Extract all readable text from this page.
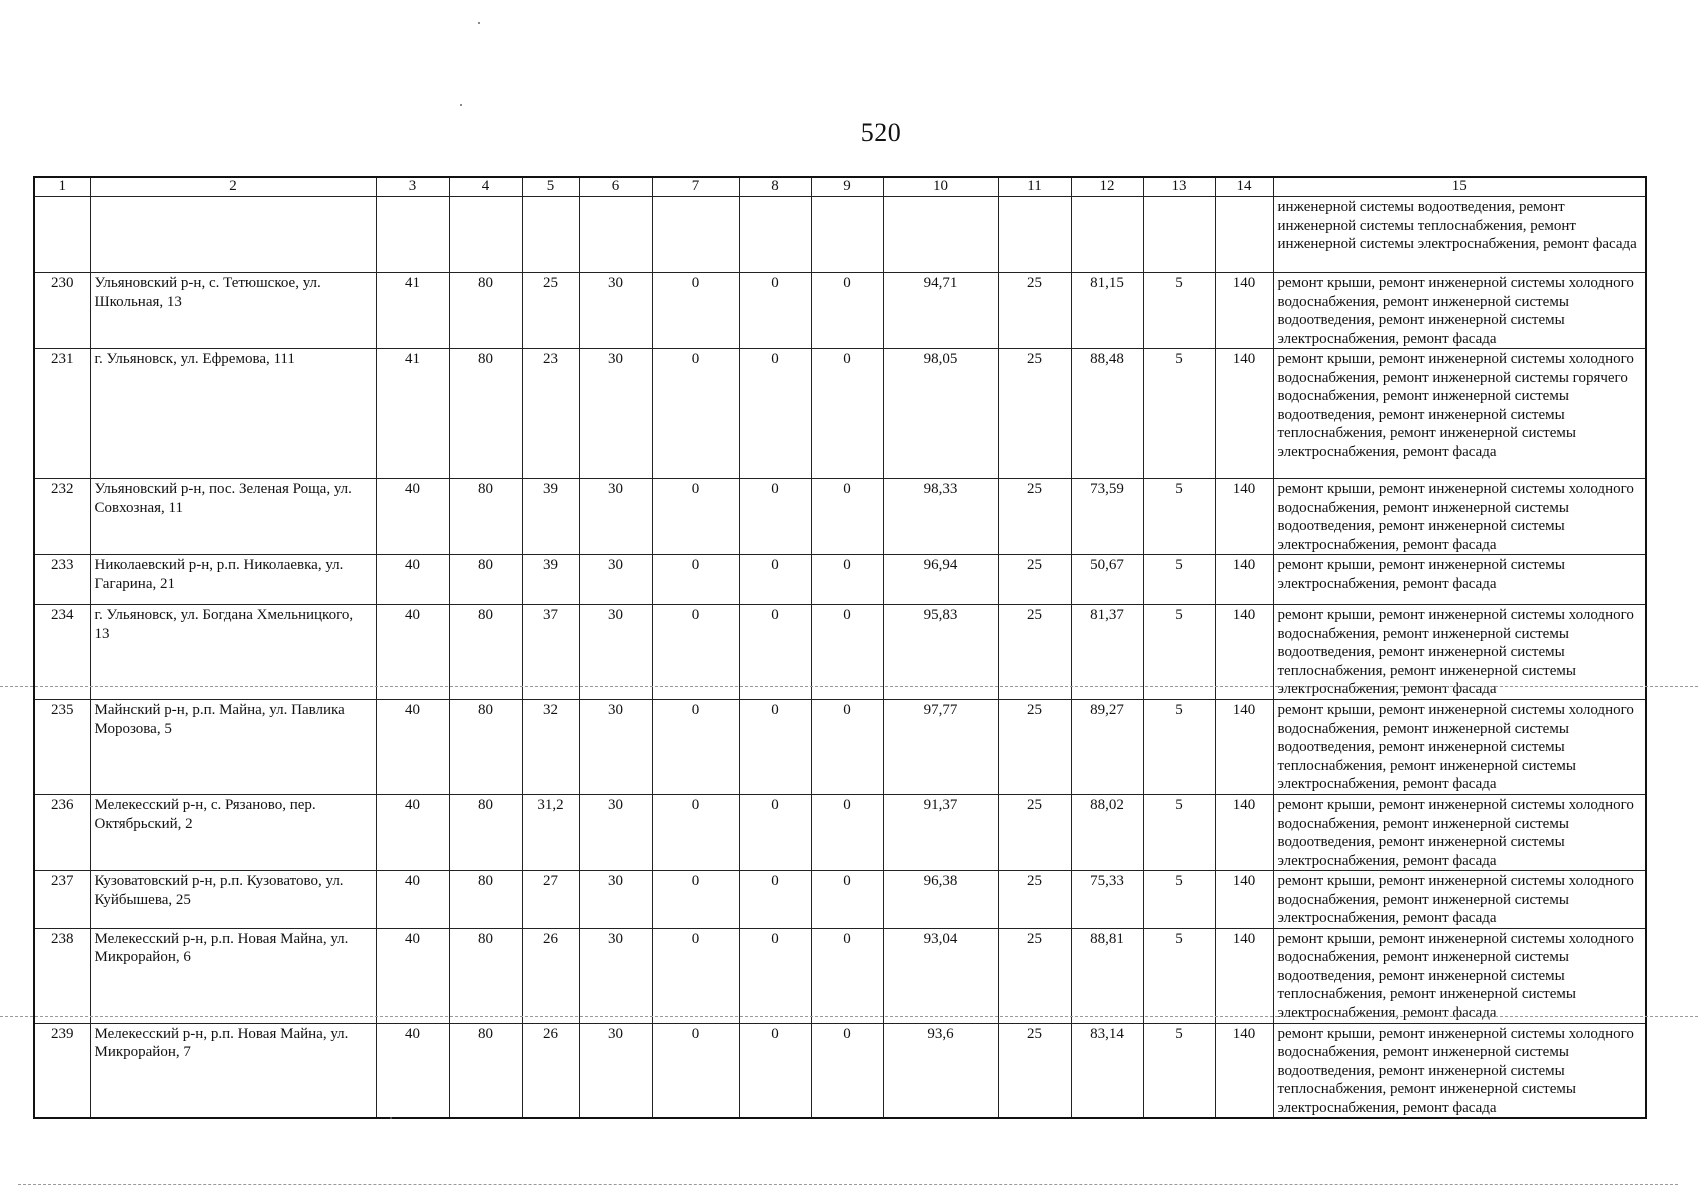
520
1	2	3	4	5	6	7	8	9	10	11	12	13	14	15
														инженерной системы водоотведения, ремонт инженерной системы теплоснабжения, ремонт инженерной системы электроснабжения, ремонт фасада
230	Ульяновский р-н, с. Тетюшское, ул. Школьная, 13	41	80	25	30	0	0	0	94,71	25	81,15	5	140	ремонт крыши, ремонт инженерной системы холодного водоснабжения, ремонт инженерной системы водоотведения, ремонт инженерной системы электроснабжения, ремонт фасада
231	г. Ульяновск, ул. Ефремова, 111	41	80	23	30	0	0	0	98,05	25	88,48	5	140	ремонт крыши, ремонт инженерной системы холодного водоснабжения, ремонт инженерной системы горячего водоснабжения, ремонт инженерной системы водоотведения, ремонт инженерной системы теплоснабжения, ремонт инженерной системы электроснабжения, ремонт фасада
232	Ульяновский р-н, пос. Зеленая Роща, ул. Совхозная, 11	40	80	39	30	0	0	0	98,33	25	73,59	5	140	ремонт крыши, ремонт инженерной системы холодного водоснабжения, ремонт инженерной системы водоотведения, ремонт инженерной системы электроснабжения, ремонт фасада
233	Николаевский р-н, р.п. Николаевка, ул. Гагарина, 21	40	80	39	30	0	0	0	96,94	25	50,67	5	140	ремонт крыши, ремонт инженерной системы электроснабжения, ремонт фасада
234	г. Ульяновск, ул. Богдана Хмельницкого, 13	40	80	37	30	0	0	0	95,83	25	81,37	5	140	ремонт крыши, ремонт инженерной системы холодного водоснабжения, ремонт инженерной системы водоотведения, ремонт инженерной системы теплоснабжения, ремонт инженерной системы электроснабжения, ремонт фасада
235	Майнский р-н, р.п. Майна, ул. Павлика Морозова, 5	40	80	32	30	0	0	0	97,77	25	89,27	5	140	ремонт крыши, ремонт инженерной системы холодного водоснабжения, ремонт инженерной системы водоотведения, ремонт инженерной системы теплоснабжения, ремонт инженерной системы электроснабжения, ремонт фасада
236	Мелекесский р-н, с. Рязаново, пер. Октябрьский, 2	40	80	31,2	30	0	0	0	91,37	25	88,02	5	140	ремонт крыши, ремонт инженерной системы холодного водоснабжения, ремонт инженерной системы водоотведения, ремонт инженерной системы электроснабжения, ремонт фасада
237	Кузоватовский р-н, р.п. Кузоватово, ул. Куйбышева, 25	40	80	27	30	0	0	0	96,38	25	75,33	5	140	ремонт крыши, ремонт инженерной системы холодного водоснабжения, ремонт инженерной системы электроснабжения, ремонт фасада
238	Мелекесский р-н, р.п. Новая Майна, ул. Микрорайон, 6	40	80	26	30	0	0	0	93,04	25	88,81	5	140	ремонт крыши, ремонт инженерной системы холодного водоснабжения, ремонт инженерной системы водоотведения, ремонт инженерной системы теплоснабжения, ремонт инженерной системы электроснабжения, ремонт фасада
239	Мелекесский р-н, р.п. Новая Майна, ул. Микрорайон, 7	40	80	26	30	0	0	0	93,6	25	83,14	5	140	ремонт крыши, ремонт инженерной системы холодного водоснабжения, ремонт инженерной системы водоотведения, ремонт инженерной системы теплоснабжения, ремонт инженерной системы электроснабжения, ремонт фасада
